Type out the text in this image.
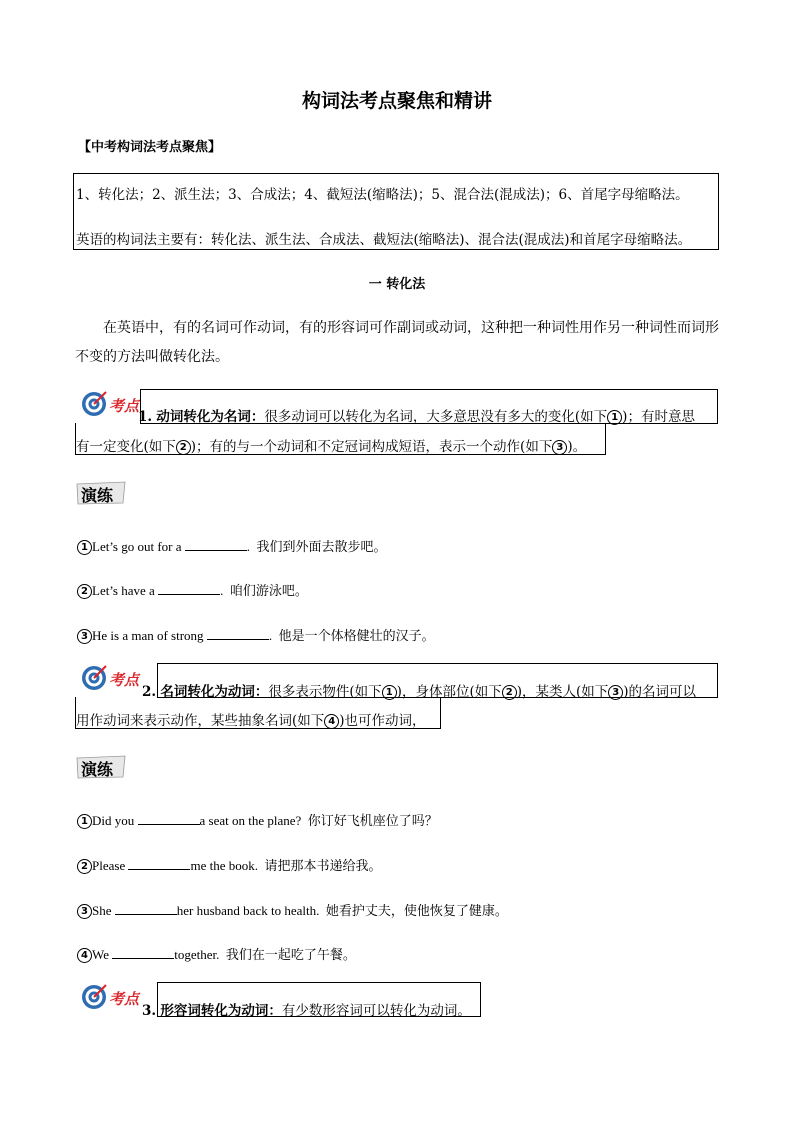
构词法考点聚焦和精讲
【中考构词法考点聚焦】
1、转化法；2、派生法；3、合成法；4、截短法(缩略法)；5、混合法(混成法)；6、首尾字母缩略法。
英语的构词法主要有：转化法、派生法、合成法、截短法(缩略法)、混合法(混成法)和首尾字母缩略法。
一 转化法
在英语中，有的名词可作动词，有的形容词可作副词或动词，这种把一种词性用作另一种词性而词形不变的方法叫做转化法。
考点
1. 动词转化为名词：很多动词可以转化为名词，大多意思没有多大的变化(如下 1 )；有时意思
有一定变化(如下 2 )；有的与一个动词和不定冠词构成短语，表示一个动作(如下 3 )。
演练
1 Let’s go out for a	. 我们到外面去散步吧。
2 Let’s have a	. 咱们游泳吧。
3 He is a man of strong	. 他是一个体格健壮的汉子。
考点
2. 名词转化为动词：很多表示物件(如下 1 )，身体部位(如下 2 )，某类人(如下 3 )的名词可以
用作动词来表示动作，某些抽象名词(如下 4 )也可作动词，
演练
1 Did you	a seat on the plane? 你订好飞机座位了吗？
2 Please	me the book. 请把那本书递给我。
3 She	her husband back to health. 她看护丈夫，使他恢复了健康。
4 We	together. 我们在一起吃了午餐。
考点
3. 形容词转化为动词：有少数形容词可以转化为动词。
